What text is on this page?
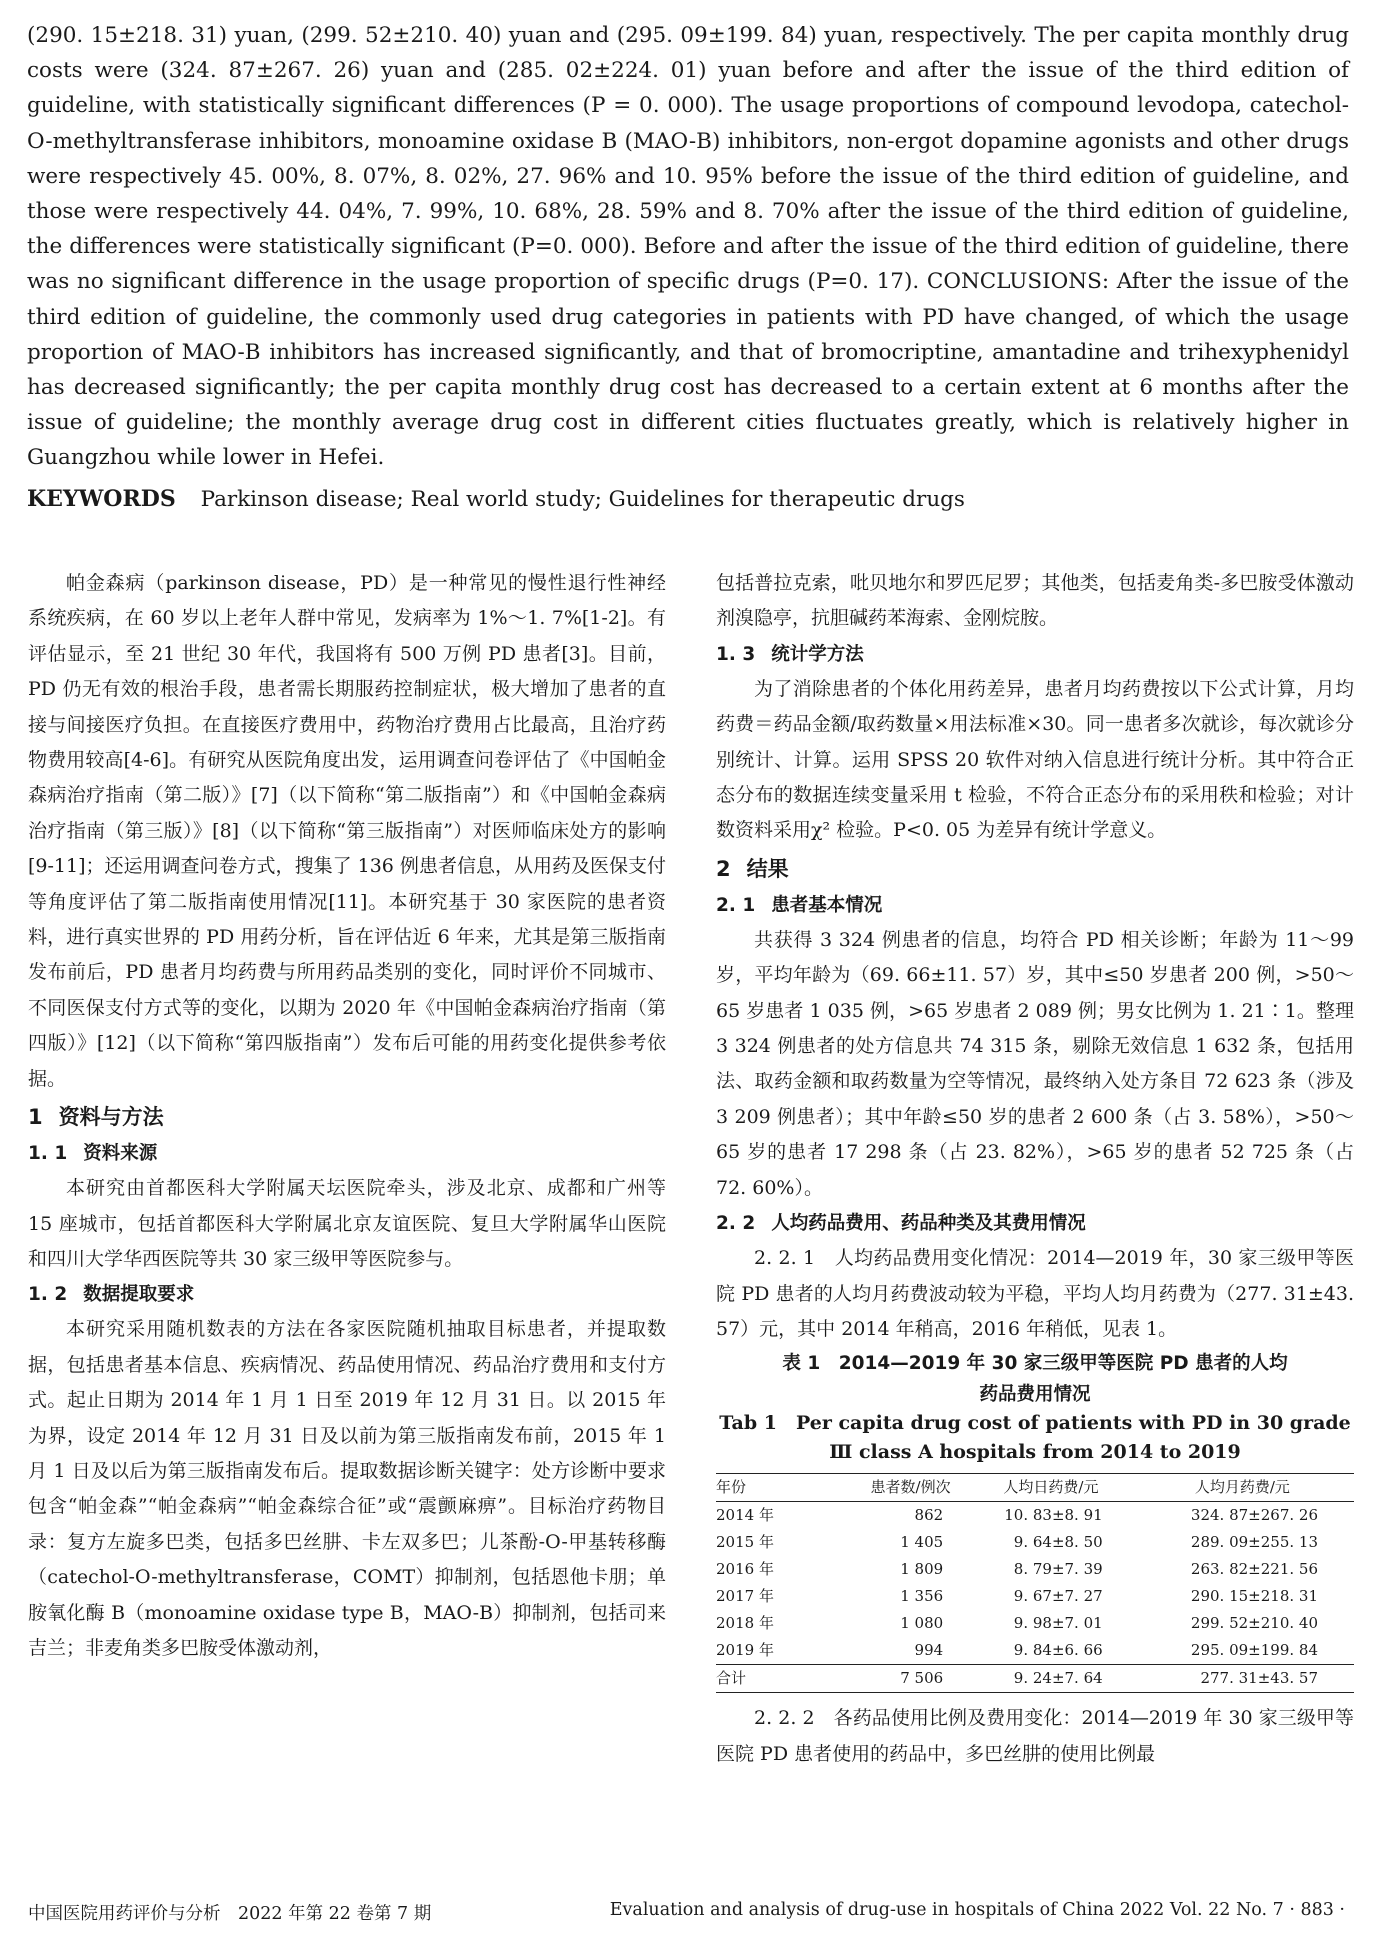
(290. 15±218. 31) yuan, (299. 52±210. 40) yuan and (295. 09±199. 84) yuan, respectively. The per capita monthly drug costs were (324. 87±267. 26) yuan and (285. 02±224. 01) yuan before and after the issue of the third edition of guideline, with statistically significant differences (P = 0. 000). The usage proportions of compound levodopa, catechol-O-methyltransferase inhibitors, monoamine oxidase B (MAO-B) inhibitors, non-ergot dopamine agonists and other drugs were respectively 45. 00%, 8. 07%, 8. 02%, 27. 96% and 10. 95% before the issue of the third edition of guideline, and those were respectively 44. 04%, 7. 99%, 10. 68%, 28. 59% and 8. 70% after the issue of the third edition of guideline, the differences were statistically significant (P=0. 000). Before and after the issue of the third edition of guideline, there was no significant difference in the usage proportion of specific drugs (P=0. 17). CONCLUSIONS: After the issue of the third edition of guideline, the commonly used drug categories in patients with PD have changed, of which the usage proportion of MAO-B inhibitors has increased significantly, and that of bromocriptine, amantadine and trihexyphenidyl has decreased significantly; the per capita monthly drug cost has decreased to a certain extent at 6 months after the issue of guideline; the monthly average drug cost in different cities fluctuates greatly, which is relatively higher in Guangzhou while lower in Hefei.

KEYWORDS Parkinson disease; Real world study; Guidelines for therapeutic drugs

帕金森病（parkinson disease，PD）是一种常见的慢性退行性神经系统疾病，在 60 岁以上老年人群中常见，发病率为 1%～1. 7%[1-2]。有评估显示，至 21 世纪 30 年代，我国将有 500 万例 PD 患者[3]。目前，PD 仍无有效的根治手段，患者需长期服药控制症状，极大增加了患者的直接与间接医疗负担。在直接医疗费用中，药物治疗费用占比最高，且治疗药物费用较高[4-6]。有研究从医院角度出发，运用调查问卷评估了《中国帕金森病治疗指南（第二版）》[7]（以下简称“第二版指南”）和《中国帕金森病治疗指南（第三版）》[8]（以下简称“第三版指南”）对医师临床处方的影响[9-11]；还运用调查问卷方式，搜集了 136 例患者信息，从用药及医保支付等角度评估了第二版指南使用情况[11]。本研究基于 30 家医院的患者资料，进行真实世界的 PD 用药分析，旨在评估近 6 年来，尤其是第三版指南发布前后，PD 患者月均药费与所用药品类别的变化，同时评价不同城市、不同医保支付方式等的变化，以期为 2020 年《中国帕金森病治疗指南（第四版）》[12]（以下简称“第四版指南”）发布后可能的用药变化提供参考依据。

1 资料与方法
1. 1 资料来源

本研究由首都医科大学附属天坛医院牵头，涉及北京、成都和广州等 15 座城市，包括首都医科大学附属北京友谊医院、复旦大学附属华山医院和四川大学华西医院等共 30 家三级甲等医院参与。

1. 2 数据提取要求

本研究采用随机数表的方法在各家医院随机抽取目标患者，并提取数据，包括患者基本信息、疾病情况、药品使用情况、药品治疗费用和支付方式。起止日期为 2014 年 1 月 1 日至 2019 年 12 月 31 日。以 2015 年为界，设定 2014 年 12 月 31 日及以前为第三版指南发布前，2015 年 1 月 1 日及以后为第三版指南发布后。提取数据诊断关键字：处方诊断中要求包含“帕金森”“帕金森病”“帕金森综合征”或“震颤麻痹”。目标治疗药物目录：复方左旋多巴类，包括多巴丝肼、卡左双多巴；儿茶酚-O-甲基转移酶（catechol-O-methyltransferase，COMT）抑制剂，包括恩他卡朋；单胺氧化酶 B（monoamine oxidase type B，MAO-B）抑制剂，包括司来吉兰；非麦角类多巴胺受体激动剂，

包括普拉克索，吡贝地尔和罗匹尼罗；其他类，包括麦角类-多巴胺受体激动剂溴隐亭，抗胆碱药苯海索、金刚烷胺。

1. 3 统计学方法

为了消除患者的个体化用药差异，患者月均药费按以下公式计算，月均药费＝药品金额/取药数量×用法标准×30。同一患者多次就诊，每次就诊分别统计、计算。运用 SPSS 20 软件对纳入信息进行统计分析。其中符合正态分布的数据连续变量采用 t 检验，不符合正态分布的采用秩和检验；对计数资料采用χ² 检验。P<0. 05 为差异有统计学意义。

2 结果
2. 1 患者基本情况

共获得 3 324 例患者的信息，均符合 PD 相关诊断；年龄为 11～99 岁，平均年龄为（69. 66±11. 57）岁，其中≤50 岁患者 200 例，>50～65 岁患者 1 035 例，>65 岁患者 2 089 例；男女比例为 1. 21∶1。整理 3 324 例患者的处方信息共 74 315 条，剔除无效信息 1 632 条，包括用法、取药金额和取药数量为空等情况，最终纳入处方条目 72 623 条（涉及 3 209 例患者）；其中年龄≤50 岁的患者 2 600 条（占 3. 58%），>50～65 岁的患者 17 298 条（占 23. 82%），>65 岁的患者 52 725 条（占 72. 60%）。

2. 2 人均药品费用、药品种类及其费用情况

2. 2. 1　人均药品费用变化情况：2014—2019 年，30 家三级甲等医院 PD 患者的人均月药费波动较为平稳，平均人均月药费为（277. 31±43. 57）元，其中 2014 年稍高，2016 年稍低，见表 1。

表 1　2014—2019 年 30 家三级甲等医院 PD 患者的人均
药品费用情况
Tab 1　Per capita drug cost of patients with PD in 30 grade
Ⅲ class A hospitals from 2014 to 2019
年份	患者数/例次	人均日药费/元	人均月药费/元
2014 年	862	10. 83±8. 91	324. 87±267. 26
2015 年	1 405	9. 64±8. 50	289. 09±255. 13
2016 年	1 809	8. 79±7. 39	263. 82±221. 56
2017 年	1 356	9. 67±7. 27	290. 15±218. 31
2018 年	1 080	9. 98±7. 01	299. 52±210. 40
2019 年	994	9. 84±6. 66	295. 09±199. 84
合计	7 506	9. 24±7. 64	277. 31±43. 57

2. 2. 2　各药品使用比例及费用变化：2014—2019 年 30 家三级甲等医院 PD 患者使用的药品中，多巴丝肼的使用比例最

中国医院用药评价与分析　2022 年第 22 卷第 7 期	Evaluation and analysis of drug-use in hospitals of China 2022 Vol. 22 No. 7 · 883 ·
